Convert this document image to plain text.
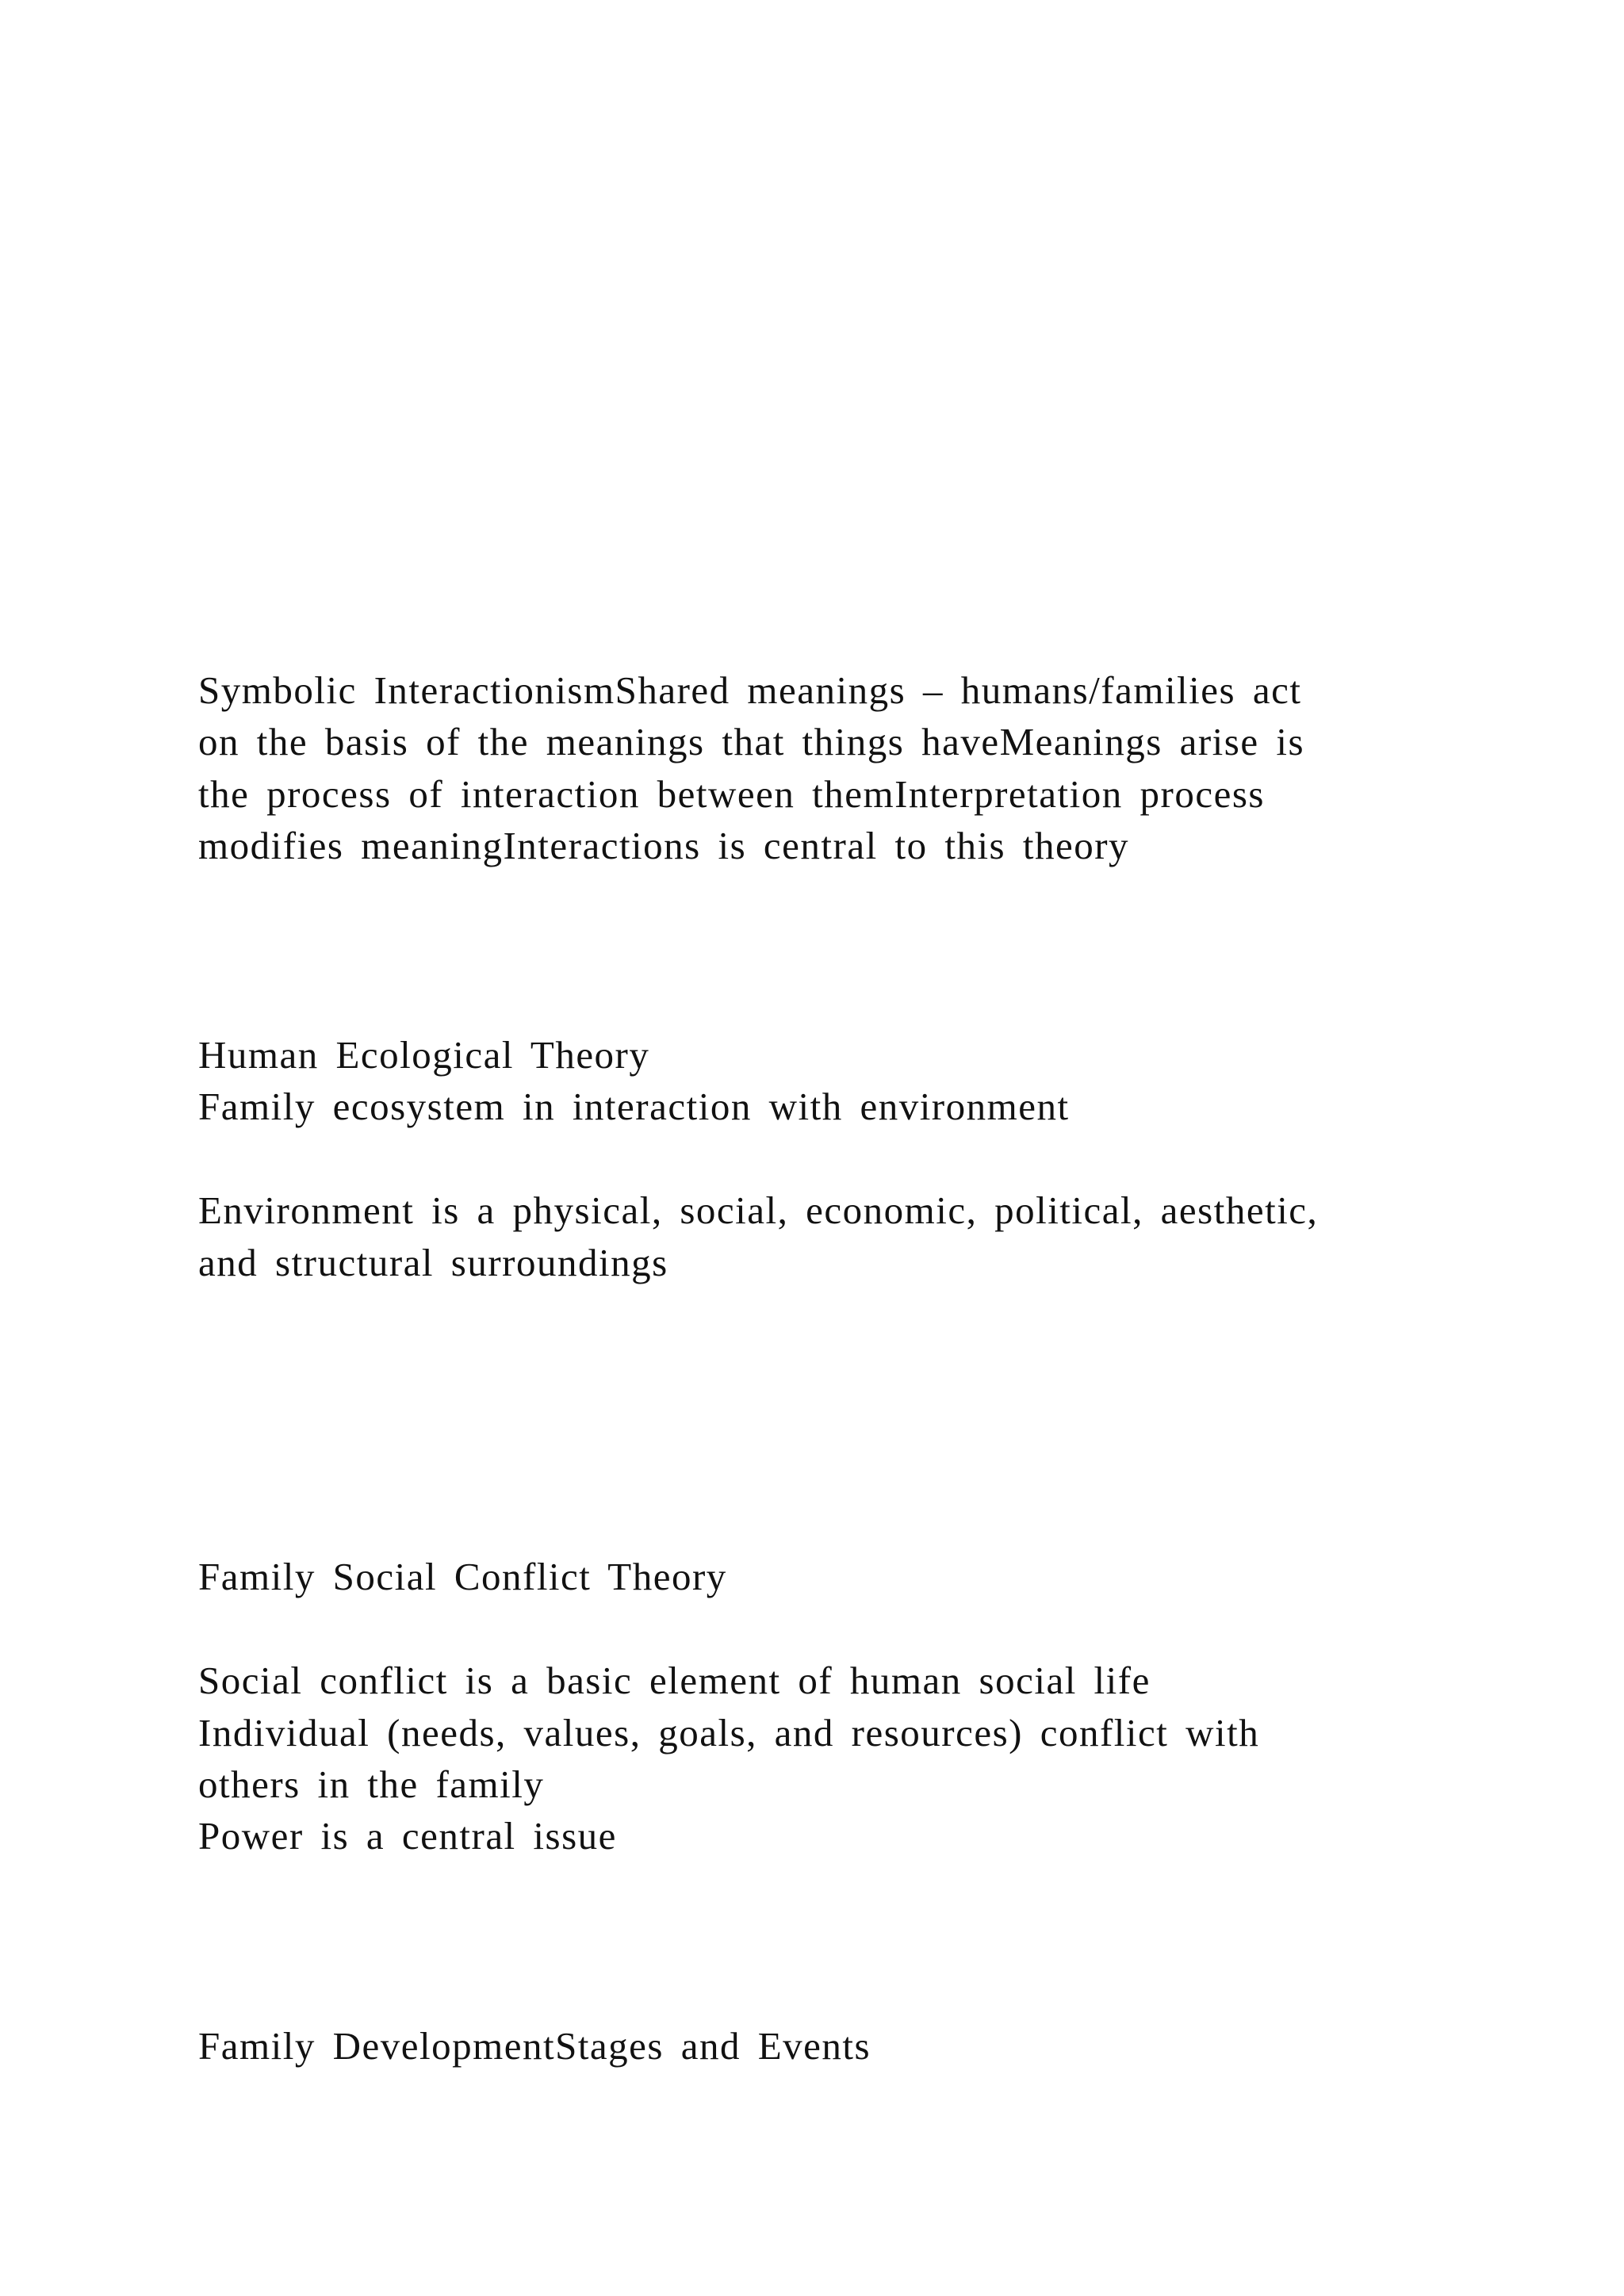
Symbolic InteractionismShared meanings – humans/families act
on the basis of the meanings that things haveMeanings arise is
the process of interaction between themInterpretation process
modifies meaningInteractions is central to this theory
Human Ecological Theory
Family ecosystem in interaction with environment
Environment is a physical, social, economic, political, aesthetic,
and structural surroundings
Family Social Conflict Theory
Social conflict is a basic element of human social life
Individual (needs, values, goals, and resources) conflict with
others in the family
Power is a central issue
Family DevelopmentStages and Events
